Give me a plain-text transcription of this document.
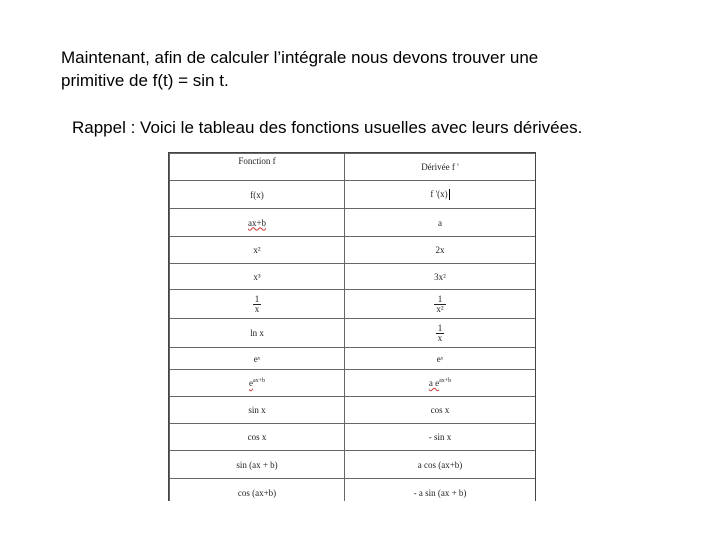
Maintenant, afin de calculer l’intégrale nous devons trouver une
primitive de f(t) = sin t.
Rappel : Voici le tableau des fonctions usuelles avec leurs dérivées.
Fonction f	Dérivée f '
f(x)	f '(x)
ax+b	a
x²	2x
x³	3x²

$\frac{1}{x}$	$\frac{1}{\text{x²}}$

ln x	$\frac{1}{x}$

eˣ	eˣ
$e^{ax+b}$	a $e^{ax+b}$
sin x	cos x
cos x	- sin x
sin (ax + b)	a cos (ax+b)
cos (ax+b)	- a sin (ax + b)
